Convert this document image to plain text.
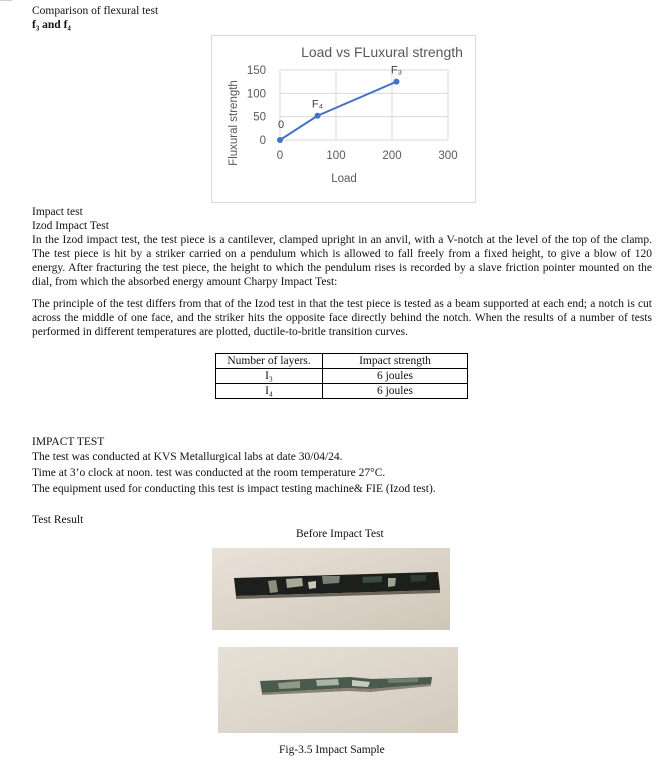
Comparison of flexural test
f₃ and f₄
Load vs FLuxural strength
0
50
100
150
0	100	200	300
Load
Fluxural strength	0
F₄
F₃
Impact test
Izod Impact Test
In the Izod impact test, the test piece is a cantilever, clamped upright in an anvil, with a V-notch at the level of the top of the clamp. The test piece is hit by a striker carried on a pendulum which is allowed to fall freely from a fixed height, to give a blow of 120 energy. After fracturing the test piece, the height to which the pendulum rises is recorded by a slave friction pointer mounted on the dial, from which the absorbed energy amount Charpy Impact Test:
The principle of the test differs from that of the Izod test in that the test piece is tested as a beam supported at each end; a notch is cut across the middle of one face, and the striker hits the opposite face directly behind the notch. When the results of a number of tests performed in different temperatures are plotted, ductile-to-britle transition curves.
Number of layers.	Impact strength
I₃	6 joules
I₄	6 joules
IMPACT TEST
The test was conducted at KVS Metallurgical labs at date 30/04/24.
Time at 3’o clock at noon. test was conducted at the room temperature 27°C.
The equipment used for conducting this test is impact testing machine& FIE (Izod test).
Test Result
Before Impact Test
Fig-3.5 Impact Sample
